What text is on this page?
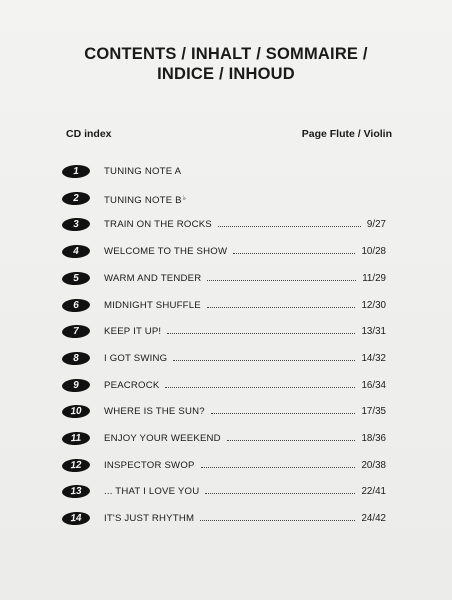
CONTENTS / INHALT / SOMMAIRE /
INDICE / INHOUD
CD index	Page Flute / Violin
1	TUNING NOTE A
2	TUNING NOTE B♭
3	TRAIN ON THE ROCKS	9/27
4	WELCOME TO THE SHOW	10/28
5	WARM AND TENDER	11/29
6	MIDNIGHT SHUFFLE	12/30
7	KEEP IT UP!	13/31
8	I GOT SWING	14/32
9	PEACROCK	16/34
10	WHERE IS THE SUN?	17/35
11	ENJOY YOUR WEEKEND	18/36
12	INSPECTOR SWOP	20/38
13	... THAT I LOVE YOU	22/41
14	IT'S JUST RHYTHM	24/42
